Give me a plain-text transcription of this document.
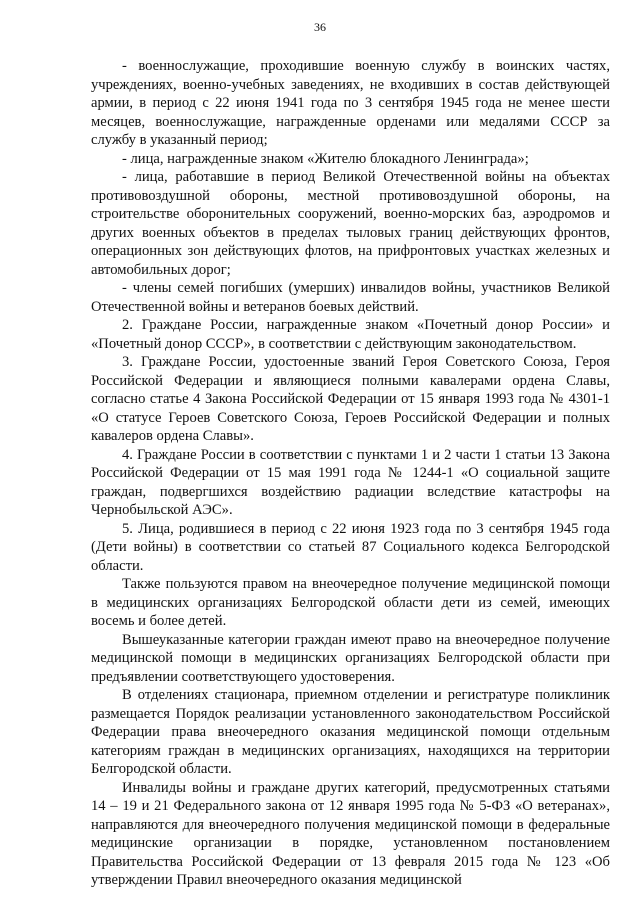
36

- военнослужащие, проходившие военную службу в воинских частях, учреждениях, военно-учебных заведениях, не входивших в состав действующей армии, в период с 22 июня 1941 года по 3 сентября 1945 года не менее шести месяцев, военнослужащие, награжденные орденами или медалями СССР за службу в указанный период;

- лица, награжденные знаком «Жителю блокадного Ленинграда»;

- лица, работавшие в период Великой Отечественной войны на объектах противовоздушной обороны, местной противовоздушной обороны, на строительстве оборонительных сооружений, военно-морских баз, аэродромов и других военных объектов в пределах тыловых границ действующих фронтов, операционных зон действующих флотов, на прифронтовых участках железных и автомобильных дорог;

- члены семей погибших (умерших) инвалидов войны, участников Великой Отечественной войны и ветеранов боевых действий.

2. Граждане России, награжденные знаком «Почетный донор России» и «Почетный донор СССР», в соответствии с действующим законодательством.

3. Граждане России, удостоенные званий Героя Советского Союза, Героя Российской Федерации и являющиеся полными кавалерами ордена Славы, согласно статье 4 Закона Российской Федерации от 15 января 1993 года № 4301-1 «О статусе Героев Советского Союза, Героев Российской Федерации и полных кавалеров ордена Славы».

4. Граждане России в соответствии с пунктами 1 и 2 части 1 статьи 13 Закона Российской Федерации от 15 мая 1991 года № 1244-1 «О социальной защите граждан, подвергшихся воздействию радиации вследствие катастрофы на Чернобыльской АЭС».

5. Лица, родившиеся в период с 22 июня 1923 года по 3 сентября 1945 года (Дети войны) в соответствии со статьей 87 Социального кодекса Белгородской области.

Также пользуются правом на внеочередное получение медицинской помощи в медицинских организациях Белгородской области дети из семей, имеющих восемь и более детей.

Вышеуказанные категории граждан имеют право на внеочередное получение медицинской помощи в медицинских организациях Белгородской области при предъявлении соответствующего удостоверения.

В отделениях стационара, приемном отделении и регистратуре поликлиник размещается Порядок реализации установленного законодательством Российской Федерации права внеочередного оказания медицинской помощи отдельным категориям граждан в медицинских организациях, находящихся на территории Белгородской области.

Инвалиды войны и граждане других категорий, предусмотренных статьями 14 – 19 и 21 Федерального закона от 12 января 1995 года № 5-ФЗ «О ветеранах», направляются для внеочередного получения медицинской помощи в федеральные медицинские организации в порядке, установленном постановлением Правительства Российской Федерации от 13 февраля 2015 года № 123 «Об утверждении Правил внеочередного оказания медицинской
